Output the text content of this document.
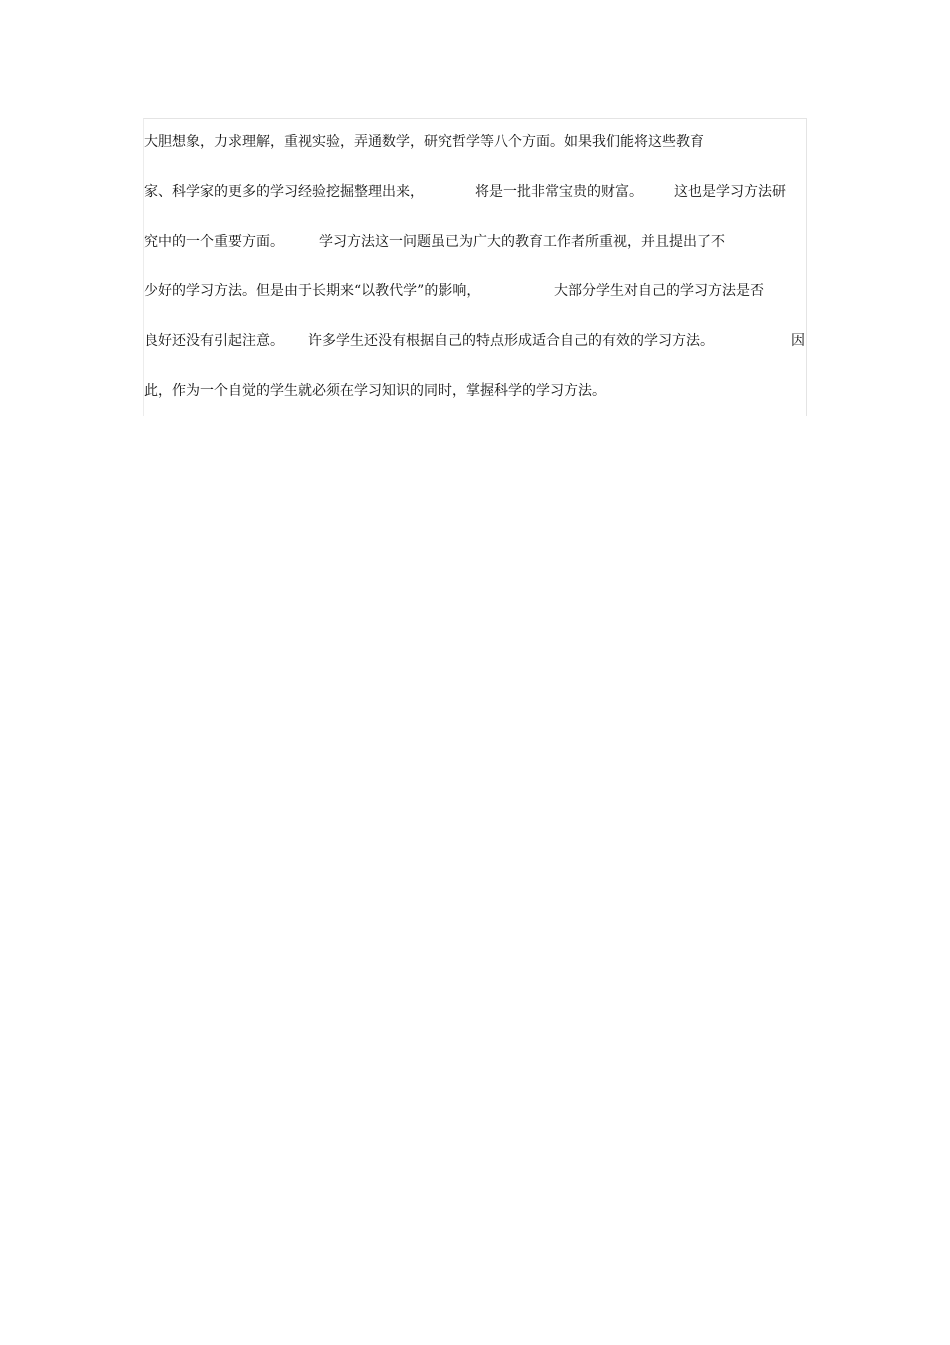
大胆想象，力求理解，重视实验，弄通数学，研究哲学等八个方面。如果我们能将这些教育
家、科学家的更多的学习经验挖掘整理出来，	将是一批非常宝贵的财富。 这也是学习方法研
究中的一个重要方面。	学习方法这一问题虽已为广大的教育工作者所重视，并且提出了不
少好的学习方法。但是由于长期来“以教代学”的影响，	大部分学生对自己的学习方法是否
良好还没有引起注意。 许多学生还没有根据自己的特点形成适合自己的有效的学习方法。	因
此，作为一个自觉的学生就必须在学习知识的同时，掌握科学的学习方法。
